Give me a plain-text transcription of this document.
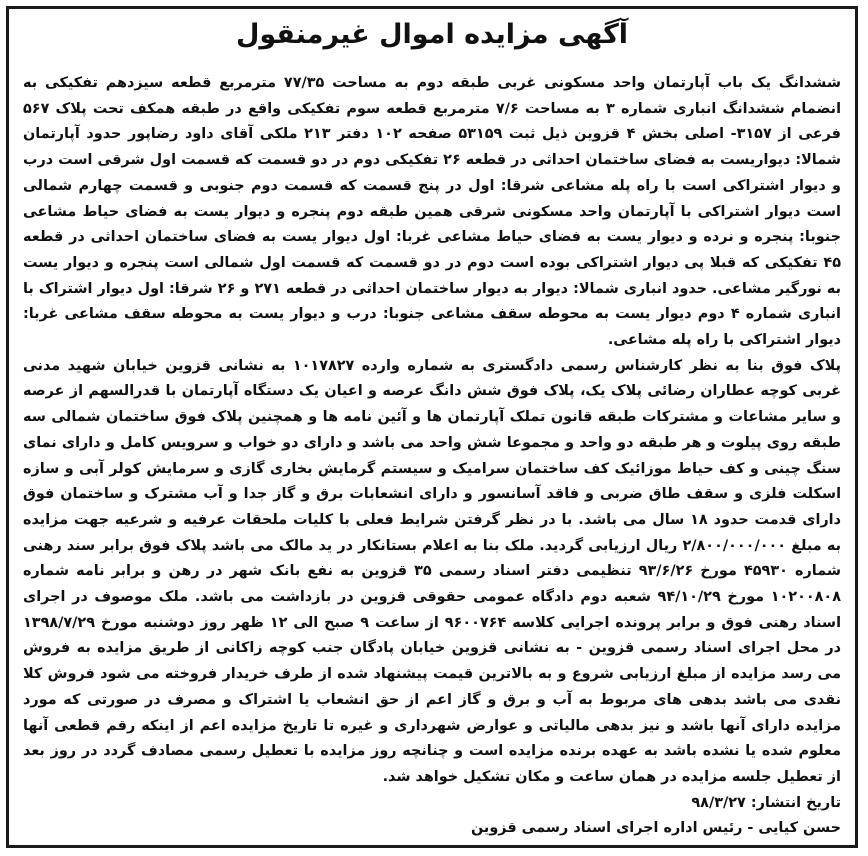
آگهی مزایده اموال غیرمنقول

ششدانگ یک باب آپارتمان واحد مسکونی غربی طبقه دوم به مساحت ۷۷/۳۵ مترمربع قطعه سیزدهم تفکیکی به انضمام ششدانگ انباری شماره ۳ به مساحت ۷/۶ مترمربع قطعه سوم تفکیکی واقع در طبقه همکف تحت پلاک ۵۶۷ فرعی از ۳۱۵۷- اصلی بخش ۴ قزوین ذیل ثبت ۵۳۱۵۹ صفحه ۱۰۲ دفتر ۲۱۳ ملکی آقای داود رضاپور حدود آپارتمان شمالا: دیواریست به فضای ساختمان احداثی در قطعه ۲۶ تفکیکی دوم در دو قسمت که قسمت اول شرقی است درب و دیوار اشتراکی است با راه پله مشاعی شرقا: اول در پنج قسمت که قسمت دوم جنوبی و قسمت چهارم شمالی است دیوار اشتراکی با آپارتمان واحد مسکونی شرقی همین طبقه دوم پنجره و دیوار یست به فضای حیاط مشاعی جنوبا: پنجره و نرده و دیوار یست به فضای حیاط مشاعی غربا: اول دیوار یست به فضای ساختمان احداثی در قطعه ۴۵ تفکیکی که قبلا پی دیوار اشتراکی بوده است دوم در دو قسمت که قسمت اول شمالی است پنجره و دیوار یست به نورگیر مشاعی. حدود انباری شمالا: دیوار به دیوار ساختمان احداثی در قطعه ۲۷۱ و ۲۶ شرقا: اول دیوار اشتراک با انباری شماره ۴ دوم دیوار یست به محوطه سقف مشاعی جنوبا: درب و دیوار یست به محوطه سقف مشاعی غربا: دیوار اشتراکی با راه پله مشاعی.

پلاک فوق بنا به نظر کارشناس رسمی دادگستری به شماره وارده ۱۰۱۷۸۲۷ به نشانی قزوین خیابان شهید مدنی غربی کوچه عطاران رضائی پلاک یک، پلاک فوق شش دانگ عرصه و اعیان یک دستگاه آپارتمان با قدرالسهم از عرصه و سایر مشاعات و مشترکات طبقه قانون تملک آپارتمان ها و آئین نامه ها و همچنین پلاک فوق ساختمان شمالی سه طبقه روی پیلوت و هر طبقه دو واحد و مجموعا شش واحد می باشد و دارای دو خواب و سرویس کامل و دارای نمای سنگ چینی و کف حیاط موزائیک کف ساختمان سرامیک و سیستم گرمایش بخاری گازی و سرمایش کولر آبی و سازه اسکلت فلزی و سقف طاق ضربی و فاقد آسانسور و دارای انشعابات برق و گاز جدا و آب مشترک و ساختمان فوق دارای قدمت حدود ۱۸ سال می باشد. با در نظر گرفتن شرایط فعلی با کلیات ملحقات عرفیه و شرعیه جهت مزایده به مبلغ ۲/۸۰۰/۰۰۰/۰۰۰ ریال ارزیابی گردید. ملک بنا به اعلام بستانکار در ید مالک می باشد پلاک فوق برابر سند رهنی شماره ۴۵۹۳۰ مورخ ۹۳/۶/۲۶ تنظیمی دفتر اسناد رسمی ۳۵ قزوین به نفع بانک شهر در رهن و برابر نامه شماره ۱۰۲۰۰۸۰۸ مورخ ۹۴/۱۰/۲۹ شعبه دوم دادگاه عمومی حقوقی قزوین در بازداشت می باشد. ملک موصوف در اجرای اسناد رهنی فوق و برابر پرونده اجرایی کلاسه ۹۶۰۰۷۶۴ از ساعت ۹ صبح الی ۱۲ ظهر روز دوشنبه مورخ ۱۳۹۸/۷/۲۹ در محل اجرای اسناد رسمی قزوین - به نشانی قزوین خیابان پادگان جنب کوچه زاکانی از طریق مزایده به فروش می رسد مزایده از مبلغ ارزیابی شروع و به بالاترین قیمت پیشنهاد شده از طرف خریدار فروخته می شود فروش کلا نقدی می باشد بدهی های مربوط به آب و برق و گاز اعم از حق انشعاب یا اشتراک و مصرف در صورتی که مورد مزایده دارای آنها باشد و نیز بدهی مالیاتی و عوارض شهرداری و غیره تا تاریخ مزایده اعم از اینکه رقم قطعی آنها معلوم شده یا نشده باشد به عهده برنده مزایده است و چنانچه روز مزایده با تعطیل رسمی مصادف گردد در روز بعد از تعطیل جلسه مزایده در همان ساعت و مکان تشکیل خواهد شد.

تاریخ انتشار: ۹۸/۳/۲۷
حسن کیایی - رئیس اداره اجرای اسناد رسمی قزوین
